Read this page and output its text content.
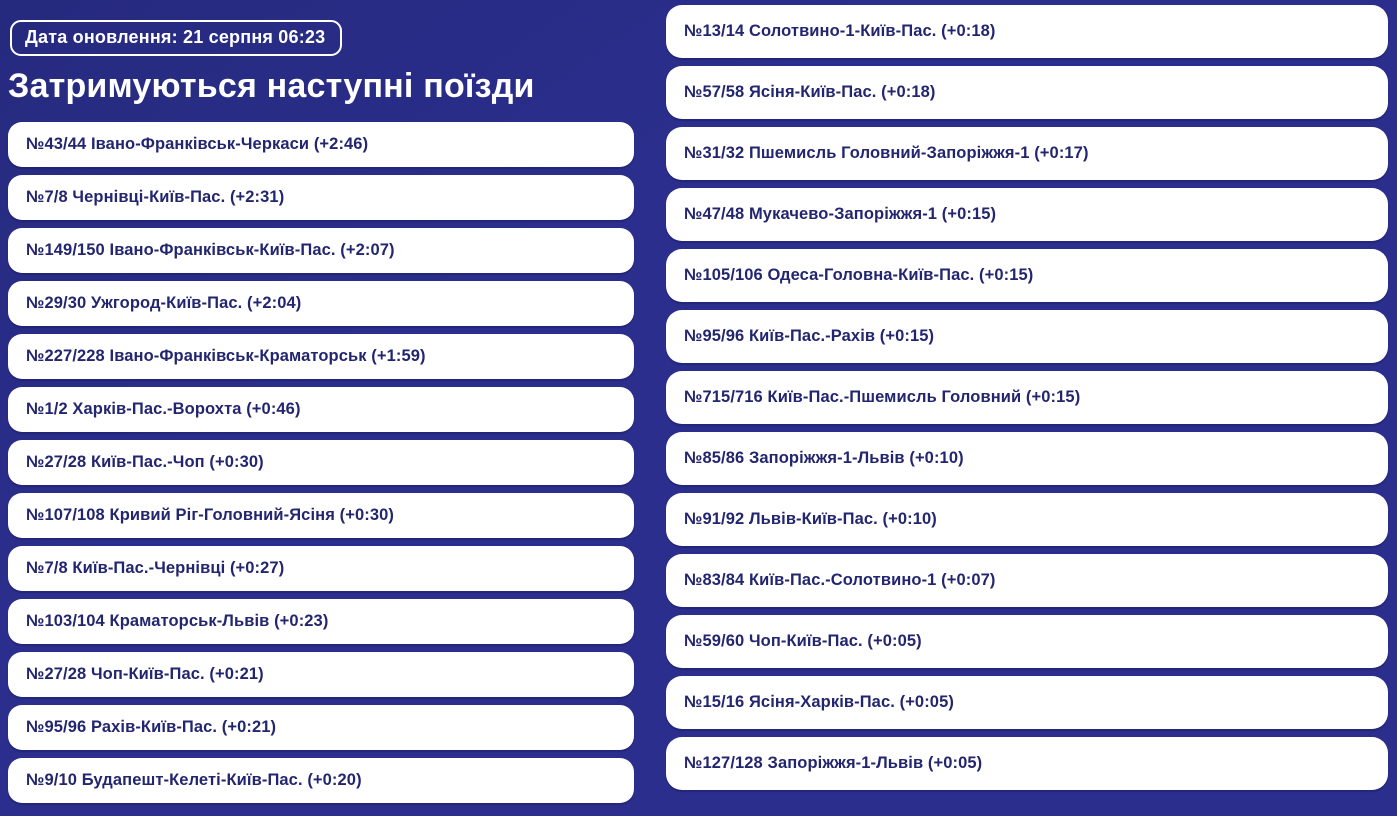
Дата оновлення: 21 серпня 06:23
Затримуються наступні поїзди
№43/44 Івано-Франківськ-Черкаси (+2:46)
№7/8 Чернівці-Київ-Пас. (+2:31)
№149/150 Івано-Франківськ-Київ-Пас. (+2:07)
№29/30 Ужгород-Київ-Пас. (+2:04)
№227/228 Івано-Франківськ-Краматорськ (+1:59)
№1/2 Харків-Пас.-Ворохта (+0:46)
№27/28 Київ-Пас.-Чоп (+0:30)
№107/108 Кривий Ріг-Головний-Ясіня (+0:30)
№7/8 Київ-Пас.-Чернівці (+0:27)
№103/104 Краматорськ-Львів (+0:23)
№27/28 Чоп-Київ-Пас. (+0:21)
№95/96 Рахів-Київ-Пас. (+0:21)
№9/10 Будапешт-Келеті-Київ-Пас. (+0:20)
№13/14 Солотвино-1-Київ-Пас. (+0:18)
№57/58 Ясіня-Київ-Пас. (+0:18)
№31/32 Пшемисль Головний-Запоріжжя-1 (+0:17)
№47/48 Мукачево-Запоріжжя-1 (+0:15)
№105/106 Одеса-Головна-Київ-Пас. (+0:15)
№95/96 Київ-Пас.-Рахів (+0:15)
№715/716 Київ-Пас.-Пшемисль Головний (+0:15)
№85/86 Запоріжжя-1-Львів (+0:10)
№91/92 Львів-Київ-Пас. (+0:10)
№83/84 Київ-Пас.-Солотвино-1 (+0:07)
№59/60 Чоп-Київ-Пас. (+0:05)
№15/16 Ясіня-Харків-Пас. (+0:05)
№127/128 Запоріжжя-1-Львів (+0:05)
